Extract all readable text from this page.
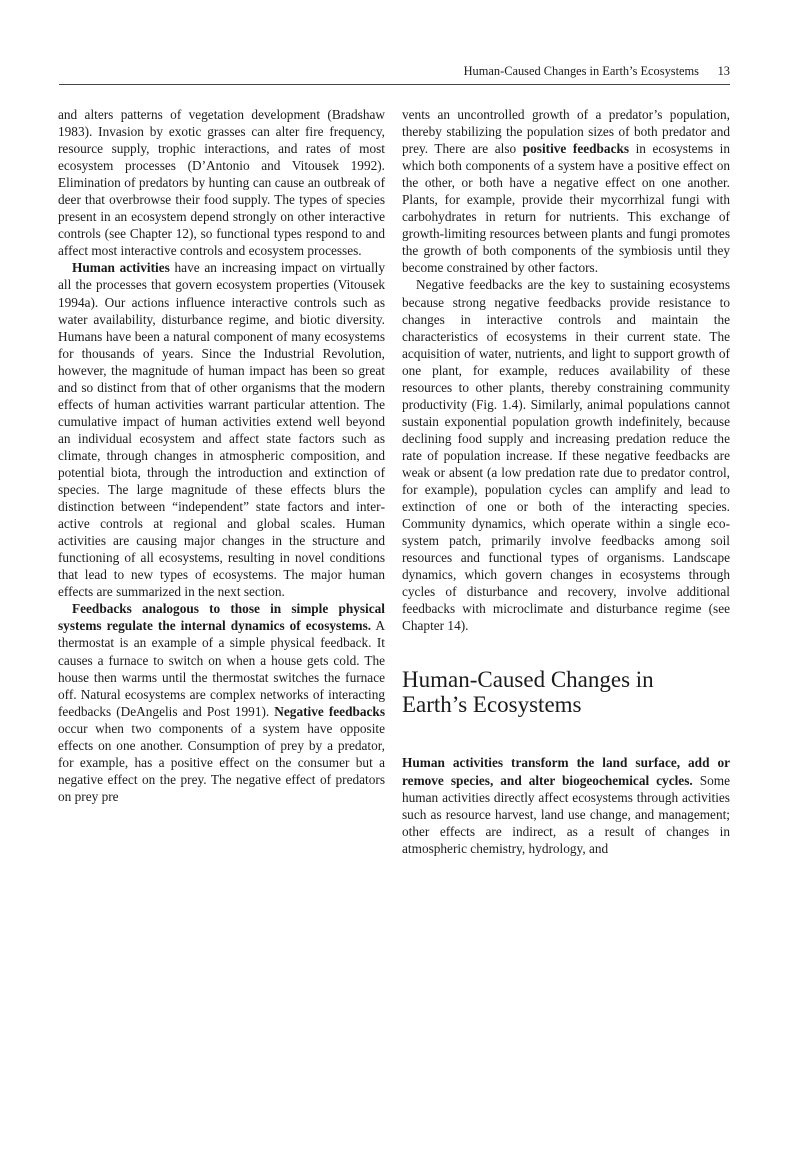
Human-Caused Changes in Earth’s Ecosystems 13

and alters patterns of vegetation development (Bradshaw 1983). Invasion by exotic grasses can alter fire frequency, resource supply, trophic interactions, and rates of most ecosystem processes (D’Antonio and Vitousek 1992). Elimination of predators by hunting can cause an outbreak of deer that overbrowse their food supply. The types of species present in an ecosystem depend strongly on other interactive controls (see Chapter 12), so functional types respond to and affect most interactive controls and ecosystem processes.

Human activities have an increasing impact on virtually all the processes that govern ecosystem properties (Vitousek 1994a). Our actions influence interactive controls such as water availability, disturbance regime, and biotic diversity. Humans have been a natural component of many ecosystems for thousands of years. Since the Industrial Revolution, however, the magnitude of human impact has been so great and so distinct from that of other organisms that the modern effects of human activities warrant particular attention. The cumulative impact of human activities extend well beyond an individual ecosystem and affect state factors such as climate, through changes in atmospheric composition, and potential biota, through the introduction and extinction of species. The large magnitude of these effects blurs the distinction between “independent” state factors and interactive controls at regional and global scales. Human activities are causing major changes in the structure and functioning of all ecosystems, resulting in novel conditions that lead to new types of ecosystems. The major human effects are summarized in the next section.

Feedbacks analogous to those in simple physical systems regulate the internal dynamics of ecosystems. A thermostat is an example of a simple physical feedback. It causes a furnace to switch on when a house gets cold. The house then warms until the thermostat switches the furnace off. Natural ecosystems are complex networks of interacting feedbacks (DeAngelis and Post 1991). Negative feedbacks occur when two components of a system have opposite effects on one another. Consumption of prey by a predator, for example, has a positive effect on the consumer but a negative effect on the prey. The negative effect of predators on prey pre

vents an uncontrolled growth of a predator’s population, thereby stabilizing the population sizes of both predator and prey. There are also positive feedbacks in ecosystems in which both components of a system have a positive effect on the other, or both have a negative effect on one another. Plants, for example, provide their mycorrhizal fungi with carbohydrates in return for nutrients. This exchange of growth-limiting resources between plants and fungi promotes the growth of both components of the symbiosis until they become constrained by other factors.

Negative feedbacks are the key to sustaining ecosystems because strong negative feedbacks provide resistance to changes in interactive controls and maintain the characteristics of ecosystems in their current state. The acquisition of water, nutrients, and light to support growth of one plant, for example, reduces availability of these resources to other plants, thereby constraining community productivity (Fig. 1.4). Similarly, animal populations cannot sustain exponential population growth indefinitely, because declining food supply and increasing predation reduce the rate of population increase. If these negative feedbacks are weak or absent (a low predation rate due to predator control, for example), population cycles can amplify and lead to extinction of one or both of the interacting species. Community dynamics, which operate within a single ecosystem patch, primarily involve feedbacks among soil resources and functional types of organisms. Landscape dynamics, which govern changes in ecosystems through cycles of disturbance and recovery, involve additional feedbacks with microclimate and disturbance regime (see Chapter 14).

Human-Caused Changes in
Earth’s Ecosystems

Human activities transform the land surface, add or remove species, and alter biogeochemical cycles. Some human activities directly affect ecosystems through activities such as resource harvest, land use change, and management; other effects are indirect, as a result of changes in atmospheric chemistry, hydrology, and
